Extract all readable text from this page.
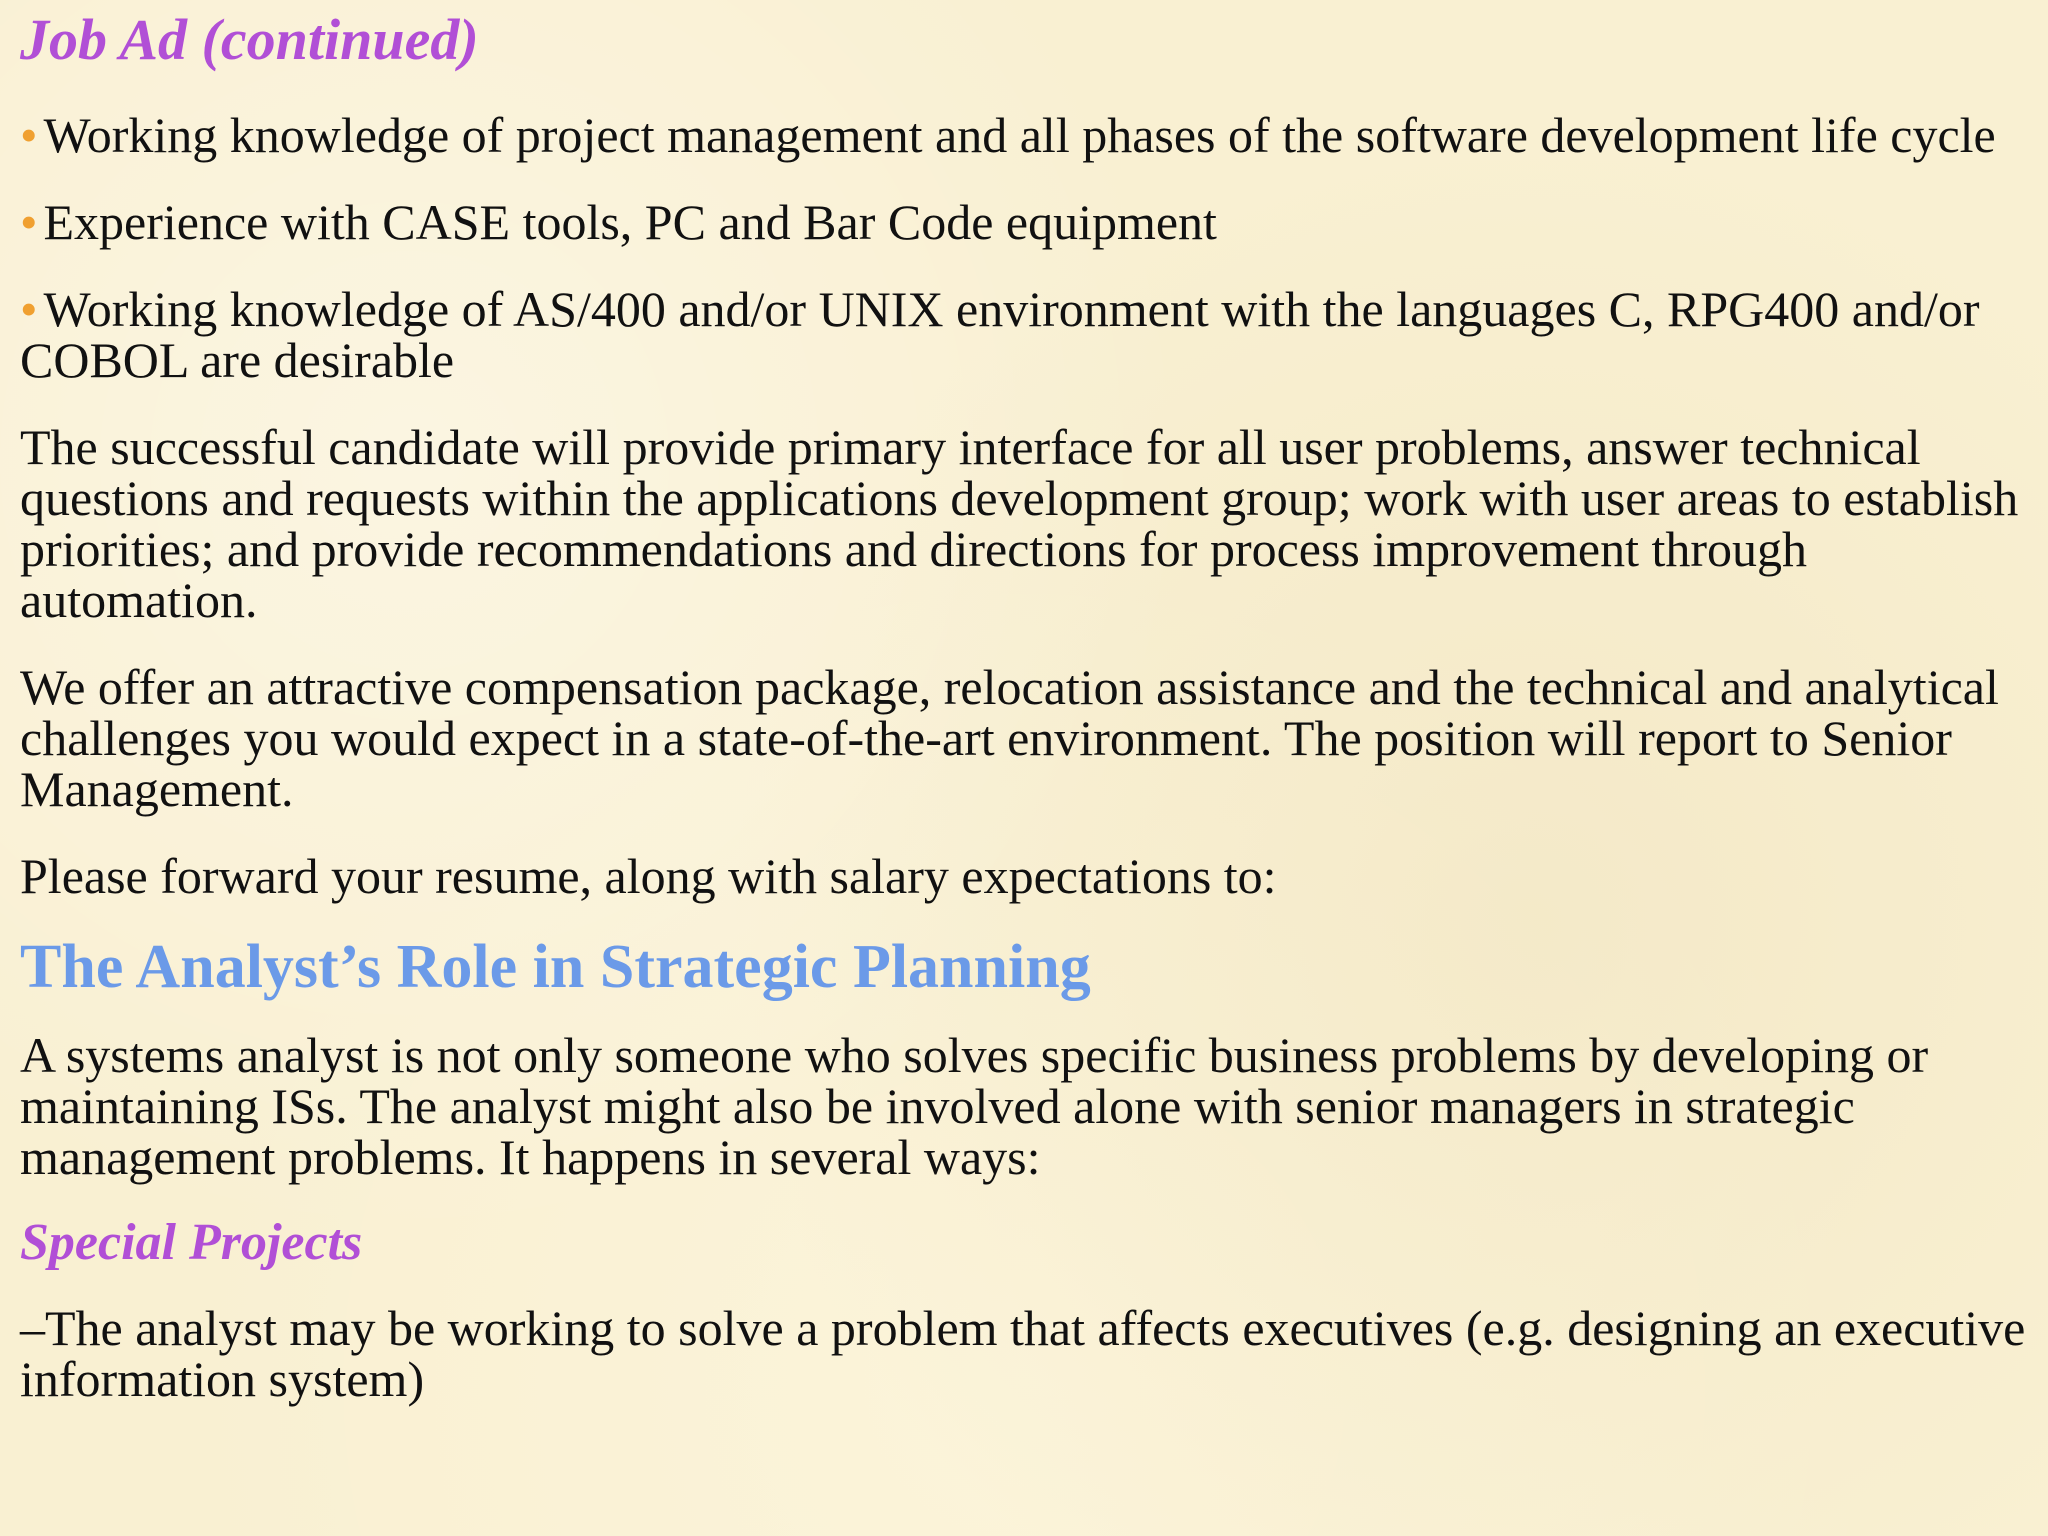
Job Ad (continued)

• Working knowledge of project management and all phases of the software development life cycle

• Experience with CASE tools, PC and Bar Code equipment

• Working knowledge of AS/400 and/or UNIX environment with the languages C, RPG400 and/or COBOL are desirable

The successful candidate will provide primary interface for all user problems, answer technical questions and requests within the applications development group; work with user areas to establish priorities; and provide recommendations and directions for process improvement through automation.

We offer an attractive compensation package, relocation assistance and the technical and analytical challenges you would expect in a state-of-the-art environment. The position will report to Senior Management.

Please forward your resume, along with salary expectations to:

The Analyst’s Role in Strategic Planning

A systems analyst is not only someone who solves specific business problems by developing or maintaining ISs. The analyst might also be involved alone with senior managers in strategic management problems. It happens in several ways:

Special Projects

–The analyst may be working to solve a problem that affects executives (e.g. designing an executive information system)
